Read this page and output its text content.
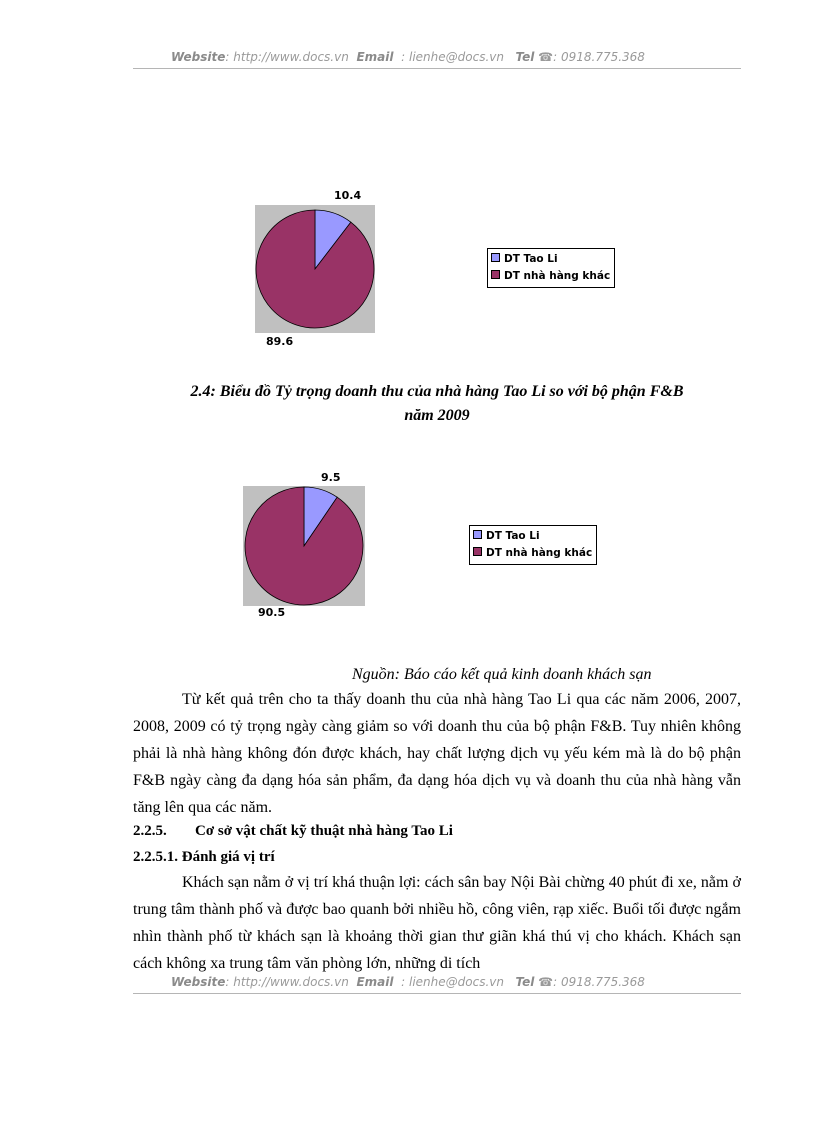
Website: http://www.docs.vn Email : lienhe@docs.vn Tel ☎: 0918.775.368
10.4
89.6
DT Tao Li
DT nhà hàng khác
2.4: Biểu đồ Tỷ trọng doanh thu của nhà hàng Tao Li so với bộ phận F&B
năm 2009
9.5
90.5
DT Tao Li
DT nhà hàng khác
Nguồn: Báo cáo kết quả kinh doanh khách sạn
Từ kết quả trên cho ta thấy doanh thu của nhà hàng Tao Li qua các năm 2006, 2007, 2008, 2009 có tỷ trọng ngày càng giảm so với doanh thu của bộ phận F&B. Tuy nhiên không phải là nhà hàng không đón được khách, hay chất lượng dịch vụ yếu kém mà là do bộ phận F&B ngày càng đa dạng hóa sản phẩm, đa dạng hóa dịch vụ và doanh thu của nhà hàng vẫn tăng lên qua các năm.
2.2.5. Cơ sở vật chất kỹ thuật nhà hàng Tao Li
2.2.5.1. Đánh giá vị trí
Khách sạn nằm ở vị trí khá thuận lợi: cách sân bay Nội Bài chừng 40 phút đi xe, nằm ở trung tâm thành phố và được bao quanh bởi nhiều hồ, công viên, rạp xiếc. Buổi tối được ngắm nhìn thành phố từ khách sạn là khoảng thời gian thư giãn khá thú vị cho khách. Khách sạn cách không xa trung tâm văn phòng lớn, những di tích
Website: http://www.docs.vn Email : lienhe@docs.vn Tel ☎: 0918.775.368
